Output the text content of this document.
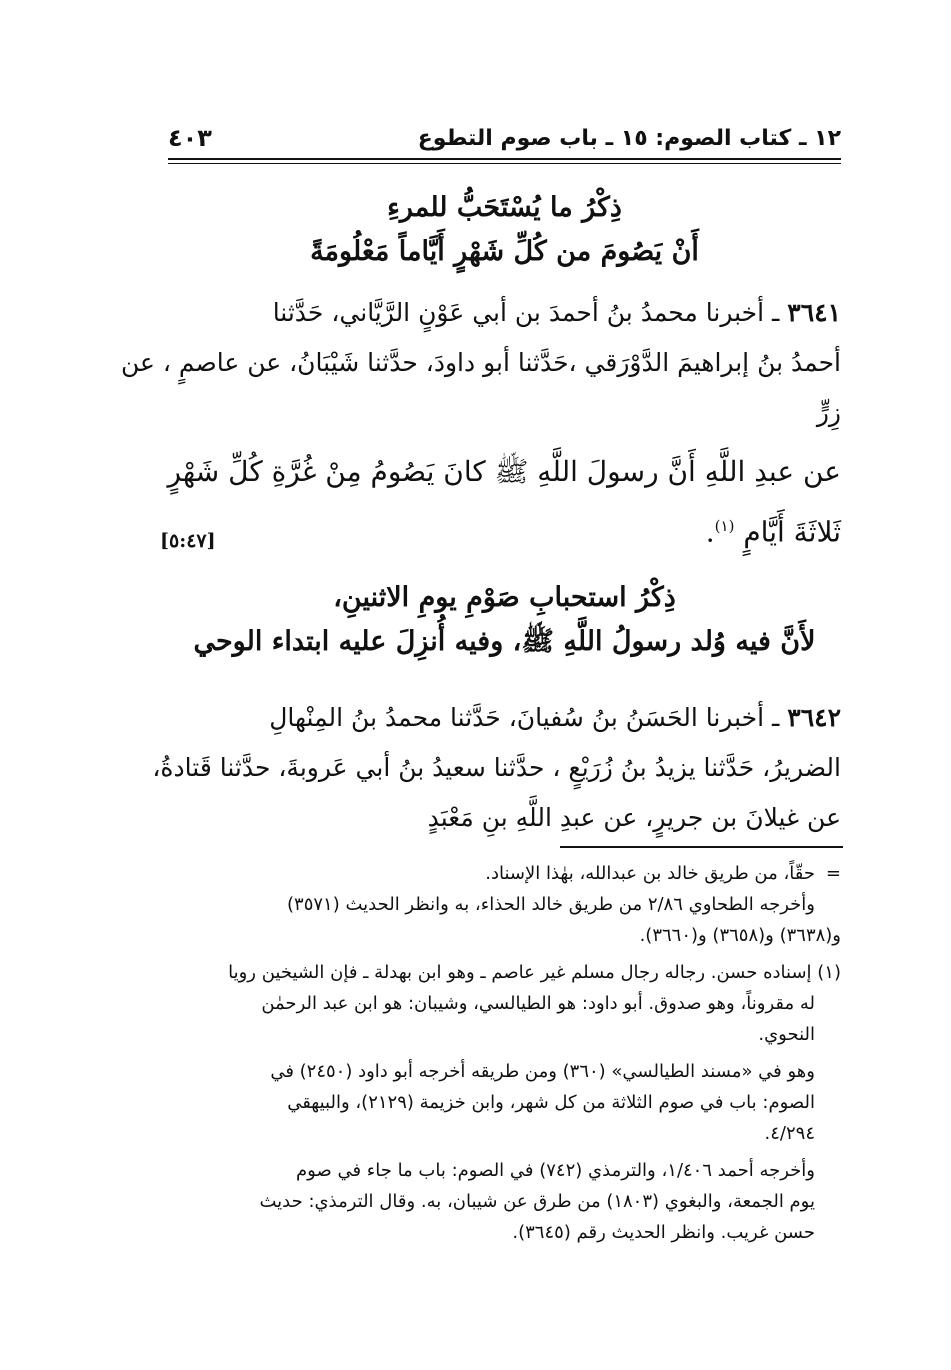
١٢ ـ كتاب الصوم: ١٥ ـ باب صوم التطوع
٤٠٣
ذِكْرُ ما يُسْتَحَبُّ للمرءِ
أَنْ يَصُومَ من كُلِّ شَهْرٍ أَيَّاماً مَعْلُومَةً
٣٦٤١ ـ أخبرنا محمدُ بنُ أحمدَ بن أبي عَوْنٍ الرَّيَّاني، حَدَّثنا
أحمدُ بنُ إبراهيمَ الدَّوْرَقي ،حَدَّثنا أبو داودَ، حدَّثنا شَيْبَانُ، عن عاصمٍ ، عن
زِرٍّ
عن عبدِ اللَّهِ أَنَّ رسولَ اللَّهِ ﷺ كانَ يَصُومُ مِنْ غُرَّةِ كُلِّ شَهْرٍ
ثَلاثَةَ أَيَّامٍ $^{(١)}$.
[٥:٤٧]
ذِكْرُ استحبابِ صَوْمِ يومِ الاثنينِ،
لأَنَّ فيه وُلد رسولُ اللَّهِ ﷺ، وفيه أُنزِلَ عليه ابتداء الوحي
٣٦٤٢ ـ أخبرنا الحَسَنُ بنُ سُفيانَ، حَدَّثنا محمدُ بنُ المِنْهالِ
الضريرُ، حَدَّثنا يزيدُ بنُ زُرَيْعٍ ، حدَّثنا سعيدُ بنُ أبي عَروبةَ، حدَّثنا قَتادةُ،
عن غيلانَ بن جريرٍ، عن عبدِ اللَّهِ بنِ مَعْبَدٍ

=حقّاً، من طريق خالد بن عبدالله، بهٰذا الإسناد.
وأخرجه الطحاوي ٢/٨٦ من طريق خالد الحذاء، به وانظر الحديث (٣٥٧١)
و(٣٦٣٨) و(٣٦٥٨) و(٣٦٦٠).

(١) إسناده حسن. رجاله رجال مسلم غير عاصم ـ وهو ابن بهدلة ـ فإن الشيخين رويا
له مقروناً، وهو صدوق. أبو داود: هو الطيالسي، وشيبان: هو ابن عبد الرحمٰن
النحوي.

وهو في «مسند الطيالسي» (٣٦٠) ومن طريقه أخرجه أبو داود (٢٤٥٠) في
الصوم: باب في صوم الثلاثة من كل شهر، وابن خزيمة (٢١٢٩)، والبيهقي
٤/٢٩٤.

وأخرجه أحمد ١/٤٠٦، والترمذي (٧٤٢) في الصوم: باب ما جاء في صوم
يوم الجمعة، والبغوي (١٨٠٣) من طرق عن شيبان، به. وقال الترمذي: حديث
حسن غريب. وانظر الحديث رقم (٣٦٤٥).
